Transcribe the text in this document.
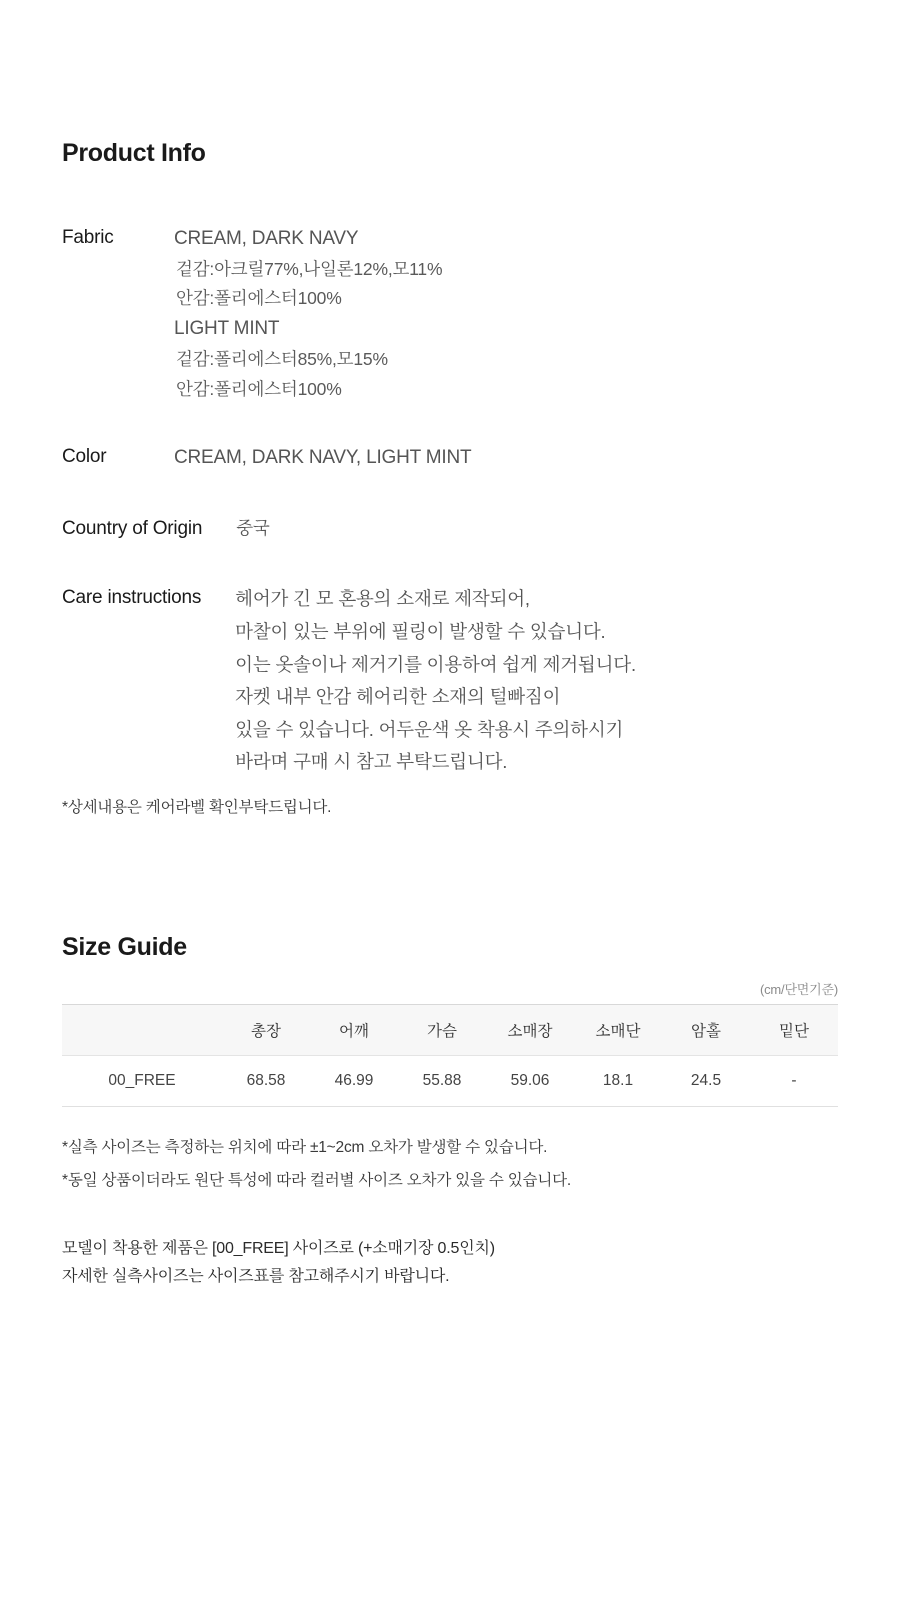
Product Info
Fabric	CREAM, DARK NAVY
겉감:아크릴77%,나일론12%,모11%
안감:폴리에스터100%
LIGHT MINT
겉감:폴리에스터85%,모15%
안감:폴리에스터100%
Color	CREAM, DARK NAVY, LIGHT MINT
Country of Origin 중국
Care instructions 헤어가 긴 모 혼용의 소재로 제작되어,
마찰이 있는 부위에 필링이 발생할 수 있습니다.
이는 옷솔이나 제거기를 이용하여 쉽게 제거됩니다.
자켓 내부 안감 헤어리한 소재의 털빠짐이
있을 수 있습니다. 어두운색 옷 착용시 주의하시기
바라며 구매 시 참고 부탁드립니다.
*상세내용은 케어라벨 확인부탁드립니다.
Size Guide
(cm/단면기준)
	총장	어깨	가슴	소매장	소매단	암홀	밑단
00_FREE	68.58	46.99	55.88	59.06	18.1	24.5	-
*실측 사이즈는 측정하는 위치에 따라 ±1~2cm 오차가 발생할 수 있습니다.
*동일 상품이더라도 원단 특성에 따라 컬러별 사이즈 오차가 있을 수 있습니다.
모델이 착용한 제품은 [00_FREE] 사이즈로 (+소매기장 0.5인치)
자세한 실측사이즈는 사이즈표를 참고해주시기 바랍니다.
